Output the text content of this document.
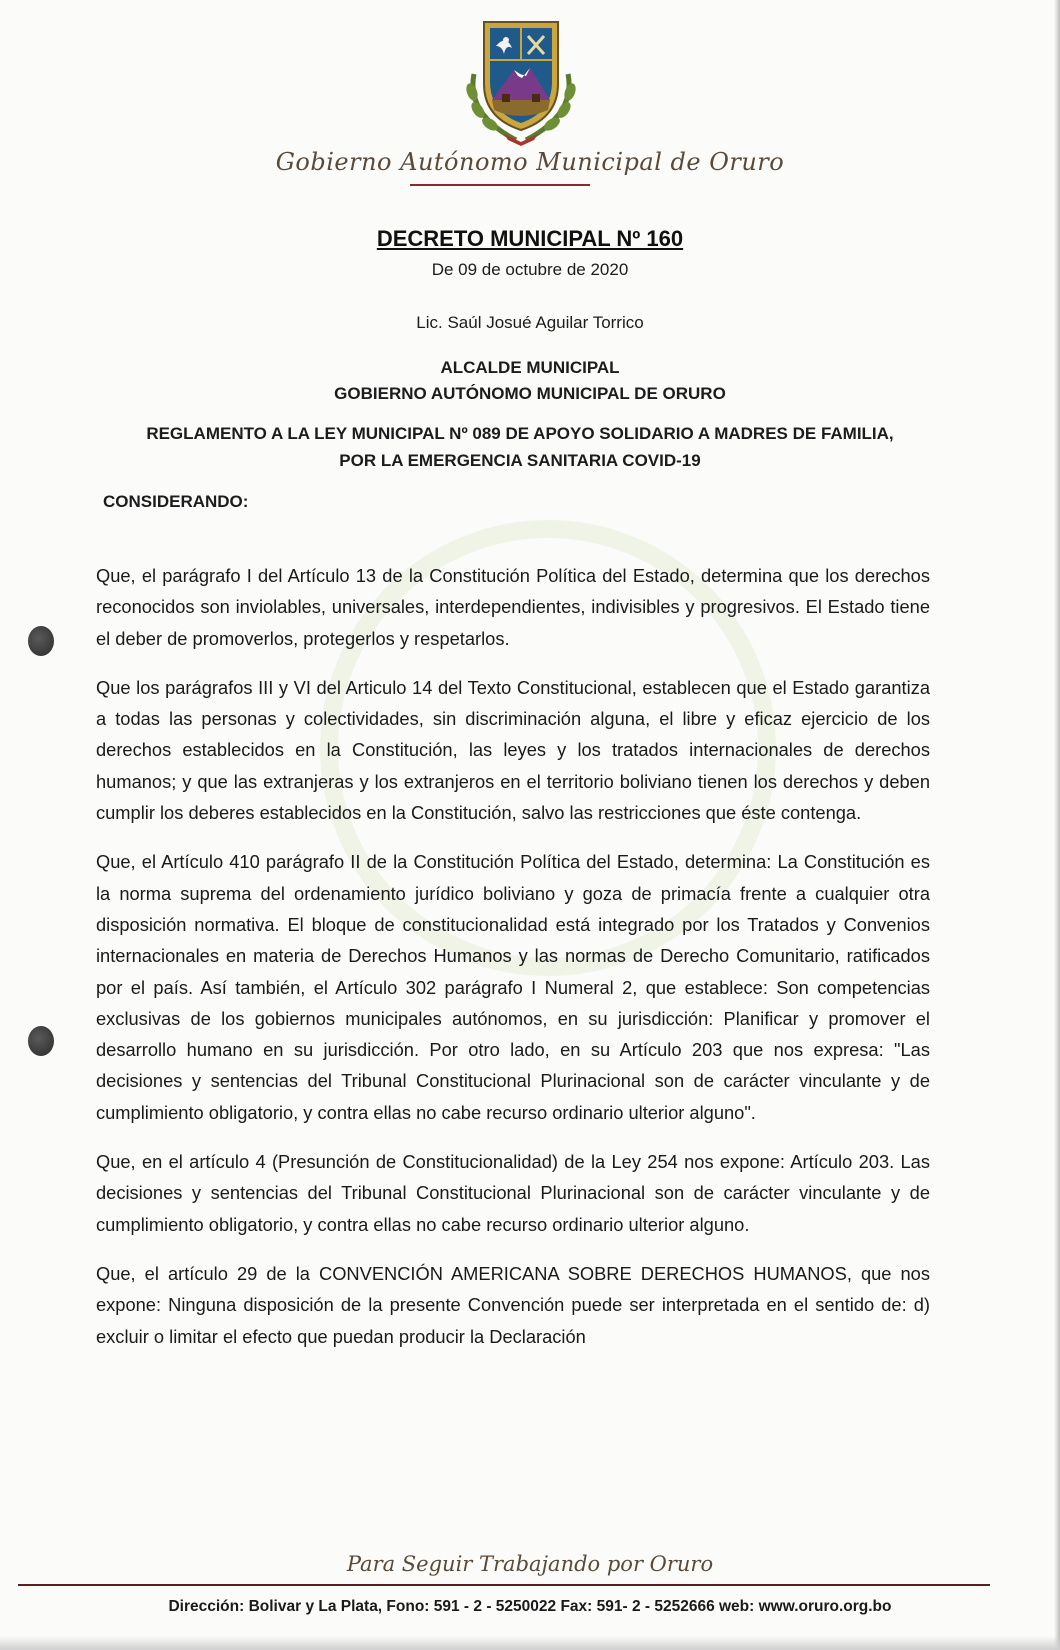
Gobierno Autónomo Municipal de Oruro
DECRETO MUNICIPAL Nº 160
De 09 de octubre de 2020
Lic. Saúl Josué Aguilar Torrico
ALCALDE MUNICIPAL
GOBIERNO AUTÓNOMO MUNICIPAL DE ORURO
REGLAMENTO A LA LEY MUNICIPAL Nº 089 DE APOYO SOLIDARIO A MADRES DE FAMILIA,
POR LA EMERGENCIA SANITARIA COVID-19
CONSIDERANDO:

Que, el parágrafo I del Artículo 13 de la Constitución Política del Estado, determina que los derechos reconocidos son inviolables, universales, interdependientes, indivisibles y progresivos. El Estado tiene el deber de promoverlos, protegerlos y respetarlos.

Que los parágrafos III y VI del Articulo 14 del Texto Constitucional, establecen que el Estado garantiza a todas las personas y colectividades, sin discriminación alguna, el libre y eficaz ejercicio de los derechos establecidos en la Constitución, las leyes y los tratados internacionales de derechos humanos; y que las extranjeras y los extranjeros en el territorio boliviano tienen los derechos y deben cumplir los deberes establecidos en la Constitución, salvo las restricciones que éste contenga.

Que, el Artículo 410 parágrafo II de la Constitución Política del Estado, determina: La Constitución es la norma suprema del ordenamiento jurídico boliviano y goza de primacía frente a cualquier otra disposición normativa. El bloque de constitucionalidad está integrado por los Tratados y Convenios internacionales en materia de Derechos Humanos y las normas de Derecho Comunitario, ratificados por el país. Así también, el Artículo 302 parágrafo I Numeral 2, que establece: Son competencias exclusivas de los gobiernos municipales autónomos, en su jurisdicción: Planificar y promover el desarrollo humano en su jurisdicción. Por otro lado, en su Artículo 203 que nos expresa: "Las decisiones y sentencias del Tribunal Constitucional Plurinacional son de carácter vinculante y de cumplimiento obligatorio, y contra ellas no cabe recurso ordinario ulterior alguno".

Que, en el artículo 4 (Presunción de Constitucionalidad) de la Ley 254 nos expone: Artículo 203. Las decisiones y sentencias del Tribunal Constitucional Plurinacional son de carácter vinculante y de cumplimiento obligatorio, y contra ellas no cabe recurso ordinario ulterior alguno.

Que, el artículo 29 de la CONVENCIÓN AMERICANA SOBRE DERECHOS HUMANOS, que nos expone: Ninguna disposición de la presente Convención puede ser interpretada en el sentido de: d) excluir o limitar el efecto que puedan producir la Declaración

Para Seguir Trabajando por Oruro
Dirección: Bolivar y La Plata, Fono: 591 - 2 - 5250022 Fax: 591- 2 - 5252666 web: www.oruro.org.bo
